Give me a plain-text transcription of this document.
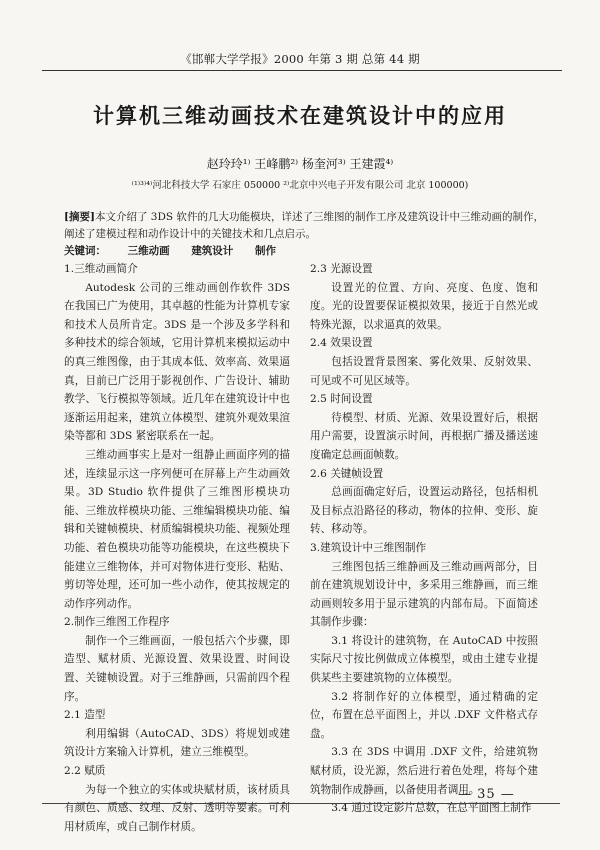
《邯郸大学学报》2000 年第 3 期 总第 44 期
计算机三维动画技术在建筑设计中的应用
赵玲玲¹⁾ 王峰鹏²⁾ 杨奎河³⁾ 王建霞⁴⁾
⁽¹⁾³⁾⁴⁾河北科技大学 石家庄 050000 ²⁾北京中兴电子开发有限公司 北京 100000)
[摘要]本文介绍了 3DS 软件的几大功能模块，详述了三维图的制作工序及建筑设计中三维动画的制作，阐述了建模过程和动作设计中的关键技术和几点启示。
关键词： 三维动画 建筑设计 制作

1.三维动画简介

Autodesk 公司的三维动画创作软件 3DS 在我国已广为使用，其卓越的性能为计算机专家和技术人员所肯定。3DS 是一个涉及多学科和多种技术的综合领域，它用计算机来模拟运动中的真三维图像，由于其成本低、效率高、效果逼真，目前已广泛用于影视创作、广告设计、辅助教学、飞行模拟等领域。近几年在建筑设计中也逐渐运用起来，建筑立体模型、建筑外观效果渲染等都和 3DS 紧密联系在一起。

三维动画事实上是对一组静止画面序列的描述，连续显示这一序列便可在屏幕上产生动画效果。3D Studio 软件提供了三维图形模块功能、三维放样模块功能、三维编辑模块功能、编辑和关键帧模块、材质编辑模块功能、视频处理功能、着色模块功能等功能模块，在这些模块下能建立三维物体，并可对物体进行变形、粘贴、剪切等处理，还可加一些小动作，使其按规定的动作序列动作。

2.制作三维图工作程序

制作一个三维画面，一般包括六个步骤，即造型、赋材质、光源设置、效果设置、时间设置、关键帧设置。对于三维静画，只需前四个程序。

2.1 造型

利用编辑（AutoCAD、3DS）将规划或建筑设计方案输入计算机，建立三维模型。

2.2 赋质

为每一个独立的实体或块赋材质，该材质具有颜色、质感、纹理、反射、透明等要素。可利用材质库，或自己制作材质。

2.3 光源设置

设置光的位置、方向、亮度、色度、饱和度。光的设置要保证模拟效果，接近于自然光或特殊光源，以求逼真的效果。

2.4 效果设置

包括设置背景图案、雾化效果、反射效果、可见或不可见区域等。

2.5 时间设置

待模型、材质、光源、效果设置好后，根据用户需要，设置演示时间，再根据广播及播送速度确定总画面帧数。

2.6 关键帧设置

总画面确定好后，设置运动路径，包括相机及目标点沿路径的移动，物体的拉伸、变形、旋转、移动等。

3.建筑设计中三维图制作

三维图包括三维静画及三维动画两部分，目前在建筑规划设计中，多采用三维静画，而三维动画则较多用于显示建筑的内部布局。下面简述其制作步骤：

3.1 将设计的建筑物，在 AutoCAD 中按照实际尺寸按比例做成立体模型，或由土建专业提供某些主要建筑物的立体模型。

3.2 将制作好的立体模型，通过精确的定位，布置在总平面图上，并以 .DXF 文件格式存盘。

3.3 在 3DS 中调用 .DXF 文件，给建筑物赋材质，设光源，然后进行着色处理，将每个建筑物制作成静画，以备使用者调用。

3.4 通过设定影片总数，在总平面图上制作

— 35 —
